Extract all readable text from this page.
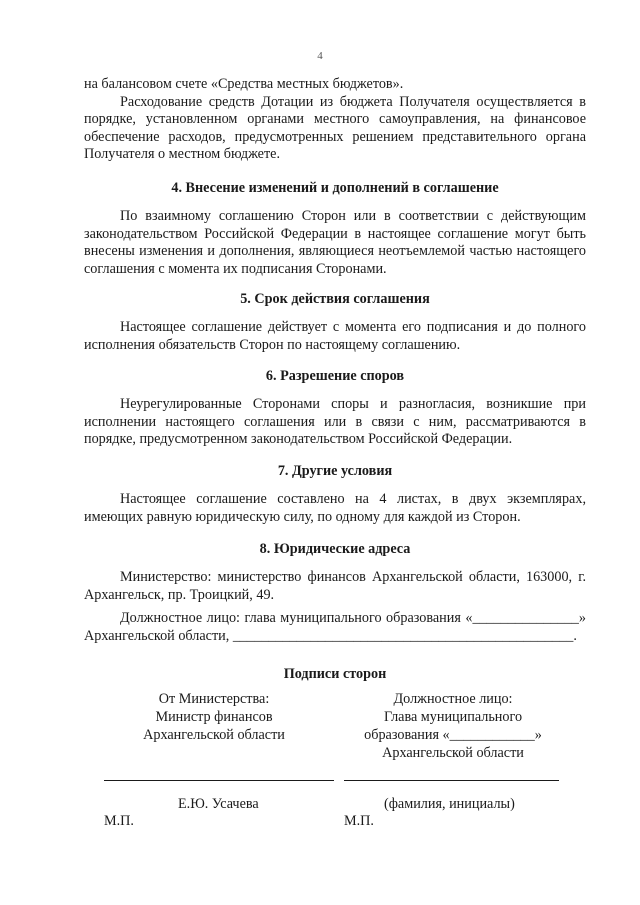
4

на балансовом счете «Средства местных бюджетов».

Расходование средств Дотации из бюджета Получателя осуществляется в порядке, установленном органами местного самоуправления, на финансовое обеспечение расходов, предусмотренных решением представительного органа Получателя о местном бюджете.

4. Внесение изменений и дополнений в соглашение

По взаимному соглашению Сторон или в соответствии с действующим законодательством Российской Федерации в настоящее соглашение могут быть внесены изменения и дополнения, являющиеся неотъемлемой частью настоящего соглашения с момента их подписания Сторонами.

5. Срок действия соглашения

Настоящее соглашение действует с момента его подписания и до полного исполнения обязательств Сторон по настоящему соглашению.

6. Разрешение споров

Неурегулированные Сторонами споры и разногласия, возникшие при исполнении настоящего соглашения или в связи с ним, рассматриваются в порядке, предусмотренном законодательством Российской Федерации.

7. Другие условия

Настоящее соглашение составлено на 4 листах, в двух экземплярах, имеющих равную юридическую силу, по одному для каждой из Сторон.

8. Юридические адреса

Министерство: министерство финансов Архангельской области, 163000, г. Архангельск, пр. Троицкий, 49.

Должностное лицо: глава муниципального образования «_______________» Архангельской области, ________________________________________________.

Подписи сторон
От Министерства:
Министр финансов
Архангельской области
Должностное лицо:
Глава муниципального
образования «____________»
Архангельской области
Е.Ю. Усачева	(фамилия, инициалы)
М.П.	М.П.
